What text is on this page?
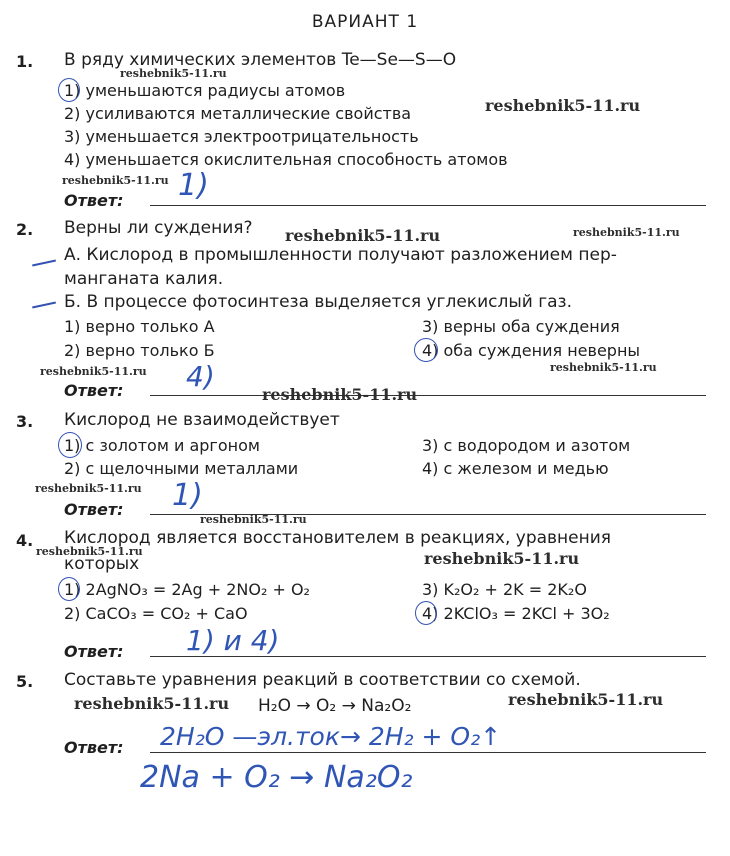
ВАРИАНТ 1
1. В ряду химических элементов Te—Se—S—O
reshebnik5-11.ru
1) уменьшаются радиусы атомов
2) усиливаются металлические свойства	reshebnik5-11.ru
3) уменьшается электроотрицательность
4) уменьшается окислительная способность атомов
reshebnik5-11.ru
Ответ: 1)
2. Верны ли суждения? reshebnik5-11.ru	reshebnik5-11.ru
А. Кислород в промышленности получают разложением пер-
манганата калия.
Б. В процессе фотосинтеза выделяется углекислый газ.
1) верно только А	3) верны оба суждения
2) верно только Б	4) оба суждения неверны
reshebnik5-11.ru	reshebnik5-11.ru
Ответ: 4)
reshebnik5-11.ru
3. Кислород не взаимодействует
1) с золотом и аргоном	3) с водородом и азотом
2) с щелочными металлами	4) с железом и медью
reshebnik5-11.ru
Ответ: 1)
reshebnik5-11.ru
4. Кислород является восстановителем в реакциях, уравнения
reshebnik5-11.ru
которых	reshebnik5-11.ru
1) 2AgNO₃ = 2Ag + 2NO₂ + O₂	3) K₂O₂ + 2K = 2K₂O
2) CaCO₃ = CO₂ + CaO	4) 2KClO₃ = 2KCl + 3O₂
Ответ: 1) и 4)
5. Составьте уравнения реакций в соответствии со схемой.
reshebnik5-11.ru H₂O → O₂ → Na₂O₂	reshebnik5-11.ru
Ответ: 2H₂O —эл.ток→ 2H₂ + O₂↑
2Na + O₂ → Na₂O₂
